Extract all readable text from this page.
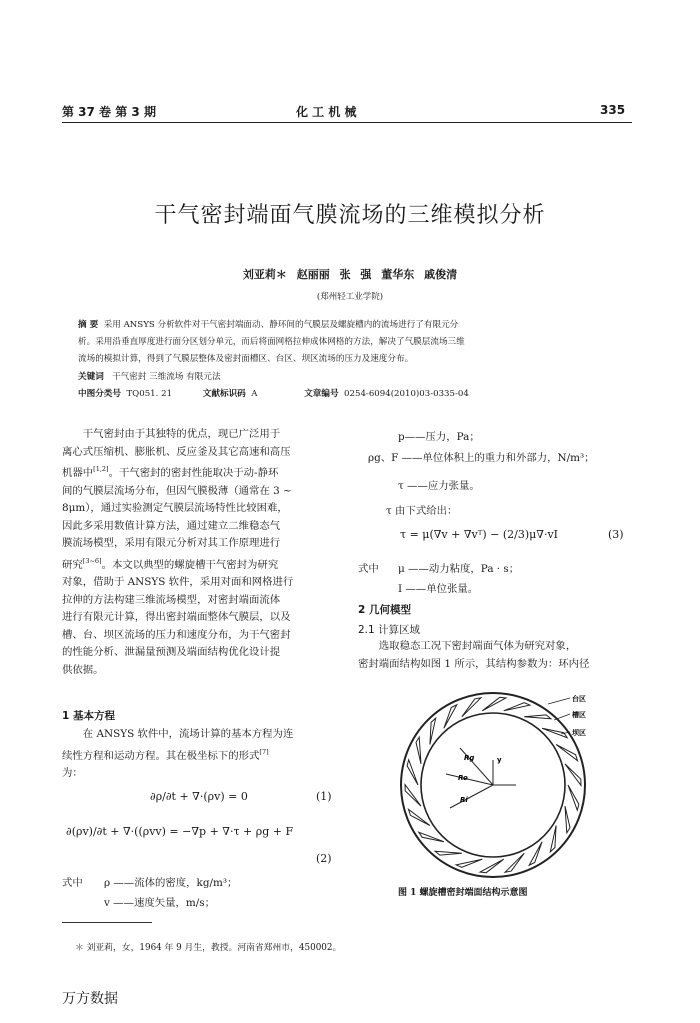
第 37 卷 第 3 期	化 工 机 械	335
干气密封端面气膜流场的三维模拟分析
刘亚莉＊ 赵丽丽 张 强 董华东 戚俊清
(郑州轻工业学院)
摘 要 采用 ANSYS 分析软件对干气密封端面动、静环间的气膜层及螺旋槽内的流场进行了有限元分
析。采用沿垂直厚度进行面分区划分单元，而后将面网格拉伸成体网格的方法，解决了气膜层流场三维
流场的模拟计算，得到了气膜层整体及密封面槽区、台区、坝区流场的压力及速度分布。
关键词 干气密封 三维流场 有限元法
中图分类号 TQ051. 21	文献标识码 A	文章编号 0254-6094(2010)03-0335-04
干气密封由于其独特的优点，现已广泛用于
离心式压缩机、膨胀机、反应釜及其它高速和高压
机器中[1,2]。干气密封的密封性能取决于动-静环
间的气膜层流场分布，但因气膜极薄（通常在 3 ~
8μm），通过实验测定气膜层流场特性比较困难，
因此多采用数值计算方法，通过建立二维稳态气
膜流场模型，采用有限元分析对其工作原理进行
研究[3~6]。本文以典型的螺旋槽干气密封为研究
对象，借助于 ANSYS 软件，采用对面和网格进行
拉伸的方法构建三维流场模型，对密封端面流体
进行有限元计算，得出密封端面整体气膜层，以及
槽、台、坝区流场的压力和速度分布，为干气密封
的性能分析、泄漏量预测及端面结构优化设计提
供依据。
1 基本方程
在 ANSYS 软件中，流场计算的基本方程为连
续性方程和运动方程。其在极坐标下的形式[7]
为：
∂ρ/∂t + ∇·(ρv) = 0	(1)
∂(ρv)/∂t + ∇·((ρvv) = −∇p + ∇·τ + ρg + F
(2)
式中 ρ ——流体的密度，kg/m³；
v ——速度矢量，m/s；
＊ 刘亚莉，女，1964 年 9 月生，教授。河南省郑州市，450002。
万方数据
p——压力，Pa；
ρg、F ——单位体积上的重力和外部力，N/m³；
τ ——应力张量。
τ 由下式给出：
τ = μ(∇v + ∇vᵀ) − (2/3)μ∇·vI	(3)
式中 μ ——动力粘度，Pa · s；
I ——单位张量。
2 几何模型
2.1 计算区域
选取稳态工况下密封端面气体为研究对象，
密封端面结构如图 1 所示，其结构参数为：环内径
Rg
Ro
Ri
y
台区
槽区
坝区
图 1 螺旋槽密封端面结构示意图
